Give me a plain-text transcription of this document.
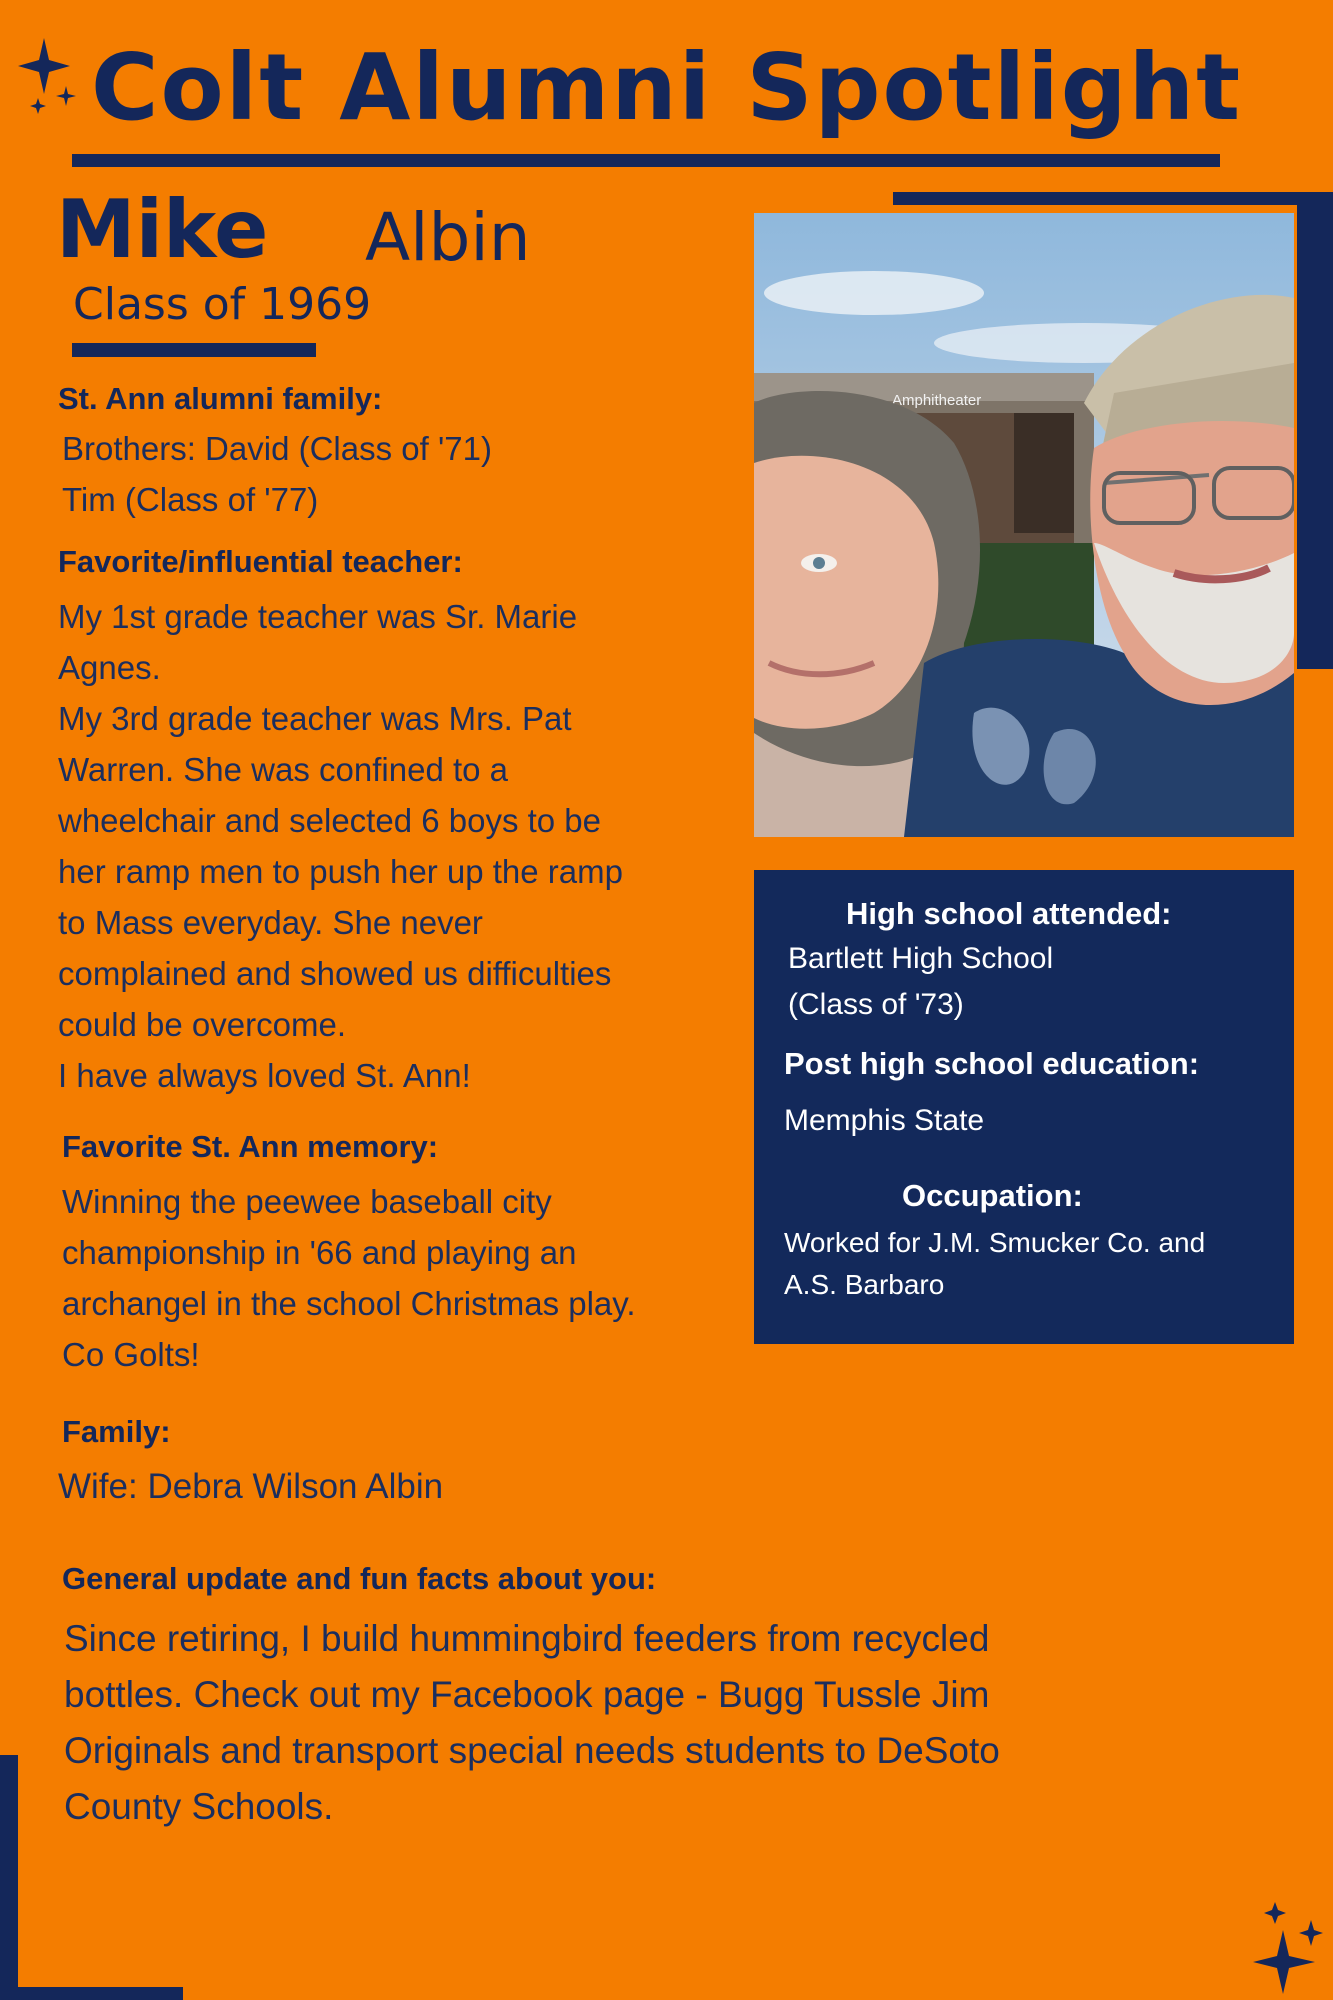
Colt Alumni Spotlight
Mike Albin
Class of 1969
Amphitheater
St. Ann alumni family:
Brothers: David (Class of '71)
Tim (Class of '77)
Favorite/influential teacher:
My 1st grade teacher was Sr. Marie
Agnes.
My 3rd grade teacher was Mrs. Pat
Warren. She was confined to a
wheelchair and selected 6 boys to be
her ramp men to push her up the ramp
to Mass everyday. She never
complained and showed us difficulties
could be overcome.
I have always loved St. Ann!
Favorite St. Ann memory:
Winning the peewee baseball city
championship in '66 and playing an
archangel in the school Christmas play.
Co Golts!
Family:
Wife: Debra Wilson Albin
General update and fun facts about you:
Since retiring, I build hummingbird feeders from recycled
bottles. Check out my Facebook page - Bugg Tussle Jim
Originals and transport special needs students to DeSoto
County Schools.
High school attended:
Bartlett High School
(Class of '73)
Post high school education:
Memphis State
Occupation:
Worked for J.M. Smucker Co. and
A.S. Barbaro
